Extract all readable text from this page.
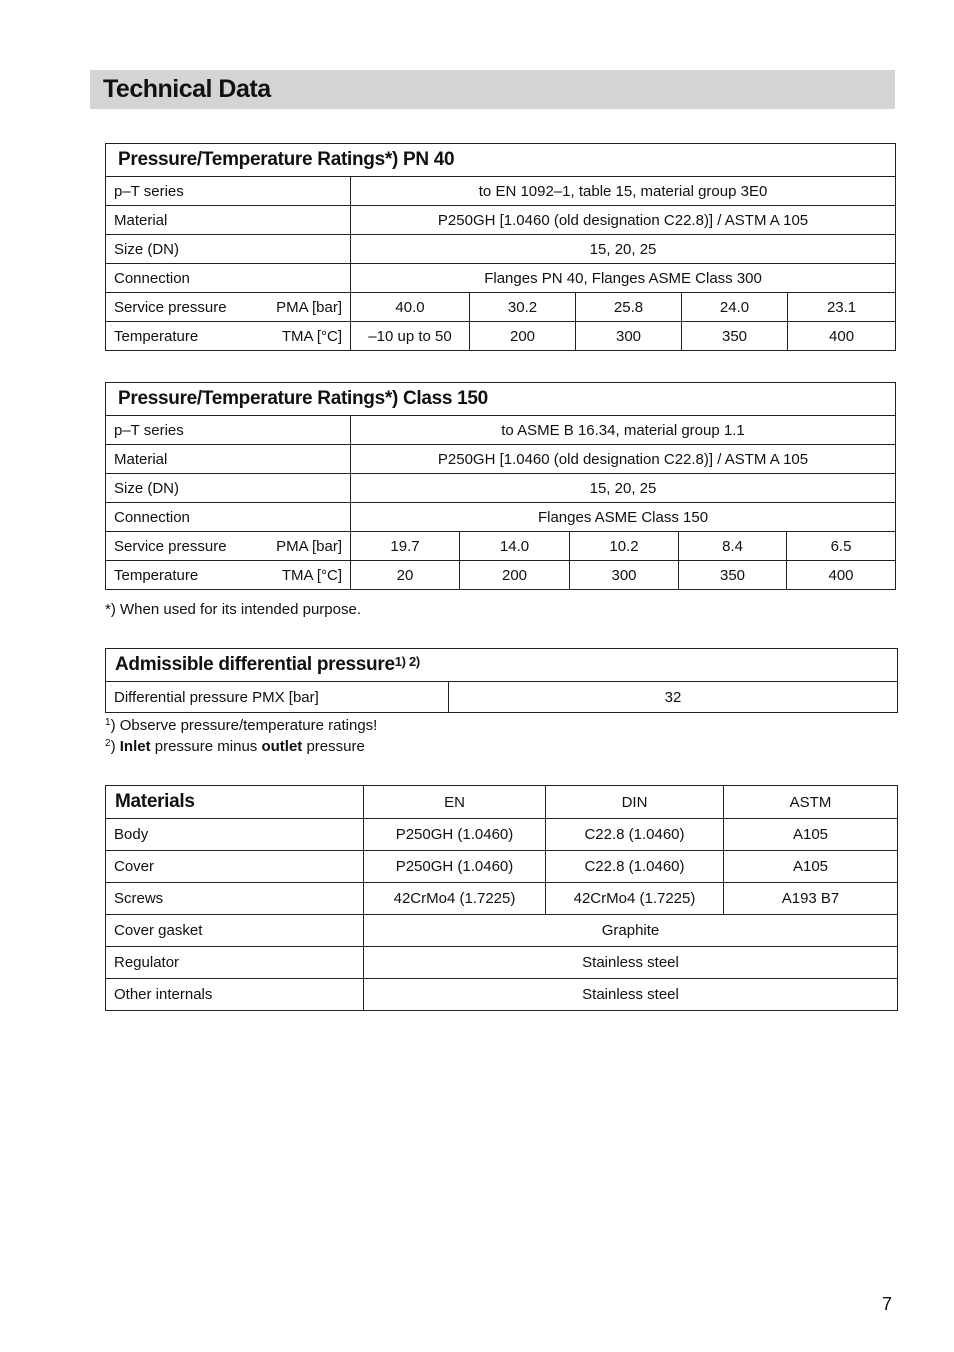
Technical Data
Pressure/Temperature Ratings*) PN 40					
p–T series	to EN 1092–1, table 15, material group 3E0				
Material	P250GH [1.0460 (old designation C22.8)] / ASTM A 105				
Size (DN)	15, 20, 25				
Connection	Flanges PN 40, Flanges ASME Class 300				

Service pressure PMA [bar]	40.0	30.2	25.8	24.0	23.1

Temperature TMA [°C]	–10 up to 50	200	300	350	400
Pressure/Temperature Ratings*) Class 150					
p–T series	to ASME B 16.34, material group 1.1				
Material	P250GH [1.0460 (old designation C22.8)] / ASTM A 105				
Size (DN)	15, 20, 25				
Connection	Flanges ASME Class 150				

Service pressure PMA [bar]	19.7	14.0	10.2	8.4	6.5

Temperature TMA [°C]	20	200	300	350	400
*) When used for its intended purpose.
Admissible differential pressure$^{1) 2)}$
Differential pressure PMX [bar]	32
$^1$) Observe pressure/temperature ratings!
$^2$) Inlet pressure minus outlet pressure
Materials	EN	DIN	ASTM
Body	P250GH (1.0460)	C22.8 (1.0460)	A105
Cover	P250GH (1.0460)	C22.8 (1.0460)	A105
Screws	42CrMo4 (1.7225)	42CrMo4 (1.7225)	A193 B7
Cover gasket	Graphite		
Regulator	Stainless steel		
Other internals	Stainless steel		
7
